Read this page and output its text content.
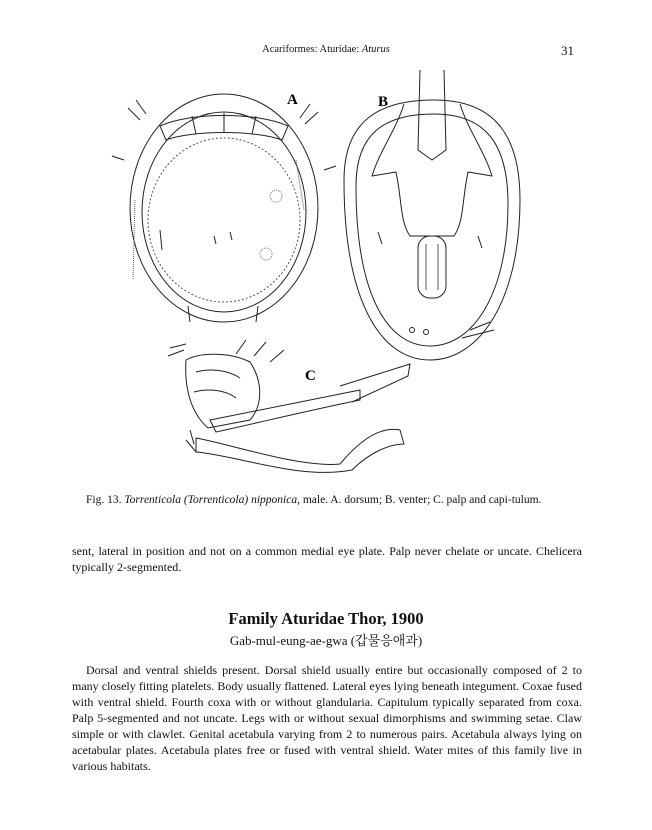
Acariformes: Aturidae: Aturus	31
A	B
C
Fig. 13. Torrenticola (Torrenticola) nipponica, male. A. dorsum; B. venter; C. palp and capi-tulum.
sent, lateral in position and not on a common medial eye plate. Palp never chelate or uncate. Chelicera typically 2-segmented.
Family Aturidae Thor, 1900
Gab-mul-eung-ae-gwa (갑물응애과)
Dorsal and ventral shields present. Dorsal shield usually entire but occasionally composed of 2 to many closely fitting platelets. Body usually flattened. Lateral eyes lying beneath integument. Coxae fused with ventral shield. Fourth coxa with or without glandularia. Capitulum typically separated from coxa. Palp 5-segmented and not uncate. Legs with or without sexual dimorphisms and swimming setae. Claw simple or with clawlet. Genital acetabula varying from 2 to numerous pairs. Acetabula always lying on acetabular plates. Acetabula plates free or fused with ventral shield. Water mites of this family live in various habitats.
